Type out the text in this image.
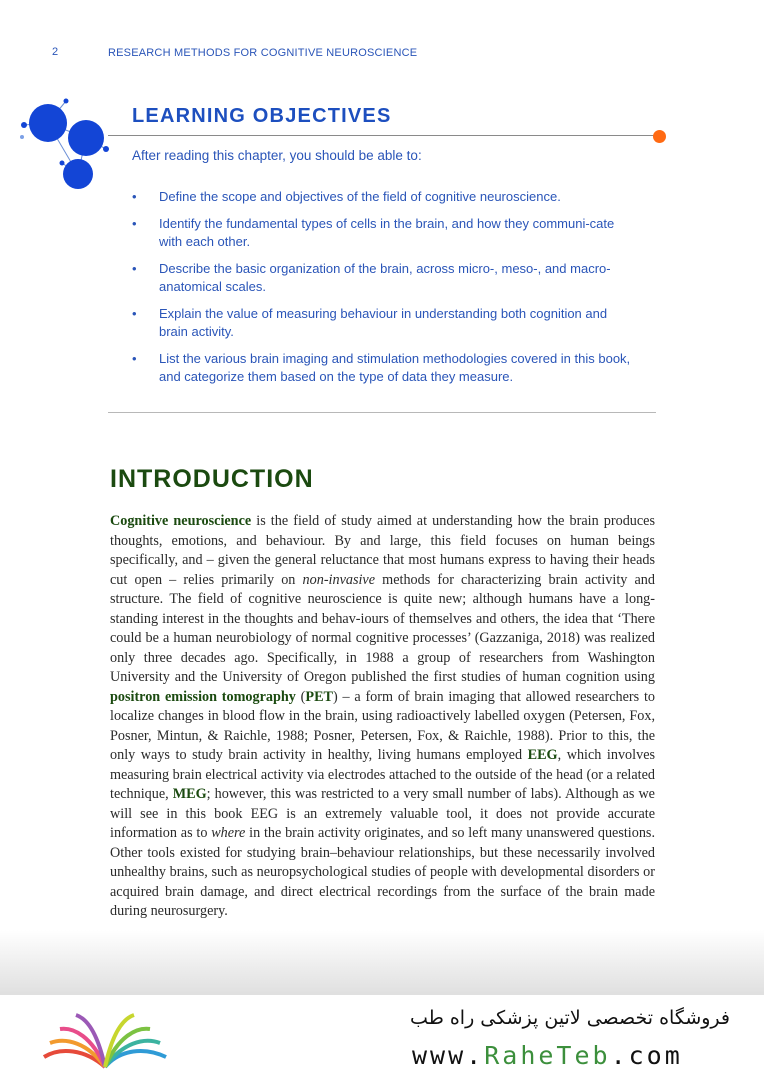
2	RESEARCH METHODS FOR COGNITIVE NEUROSCIENCE
LEARNING OBJECTIVES

After reading this chapter, you should be able to:

• Define the scope and objectives of the field of cognitive neuroscience.
• Identify the fundamental types of cells in the brain, and how they communi-cate with each other.
• Describe the basic organization of the brain, across micro-, meso-, and macro-anatomical scales.
• Explain the value of measuring behaviour in understanding both cognition and brain activity.
• List the various brain imaging and stimulation methodologies covered in this book, and categorize them based on the type of data they measure.
INTRODUCTION

Cognitive neuroscience is the field of study aimed at understanding how the brain produces thoughts, emotions, and behaviour. By and large, this field focuses on human beings specifically, and – given the general reluctance that most humans express to having their heads cut open – relies primarily on non-invasive methods for characterizing brain activity and structure. The field of cognitive neuroscience is quite new; although humans have a long-standing interest in the thoughts and behav-iours of themselves and others, the idea that ‘There could be a human neurobiology of normal cognitive processes’ (Gazzaniga, 2018) was realized only three decades ago. Specifically, in 1988 a group of researchers from Washington University and the University of Oregon published the first studies of human cognition using positron emission tomography (PET) – a form of brain imaging that allowed researchers to localize changes in blood flow in the brain, using radioactively labelled oxygen (Petersen, Fox, Posner, Mintun, & Raichle, 1988; Posner, Petersen, Fox, & Raichle, 1988). Prior to this, the only ways to study brain activity in healthy, living humans employed EEG, which involves measuring brain electrical activity via electrodes attached to the outside of the head (or a related technique, MEG; however, this was restricted to a very small number of labs). Although as we will see in this book EEG is an extremely valuable tool, it does not provide accurate information as to where in the brain activity originates, and so left many unanswered questions. Other tools existed for studying brain–behaviour relationships, but these necessarily involved unhealthy brains, such as neuropsychological studies of people with developmental disorders or acquired brain damage, and direct electrical recordings from the surface of the brain made during neurosurgery.

فروشگاه تخصصی لاتین پزشکی راه طب
www.RaheTeb.com
